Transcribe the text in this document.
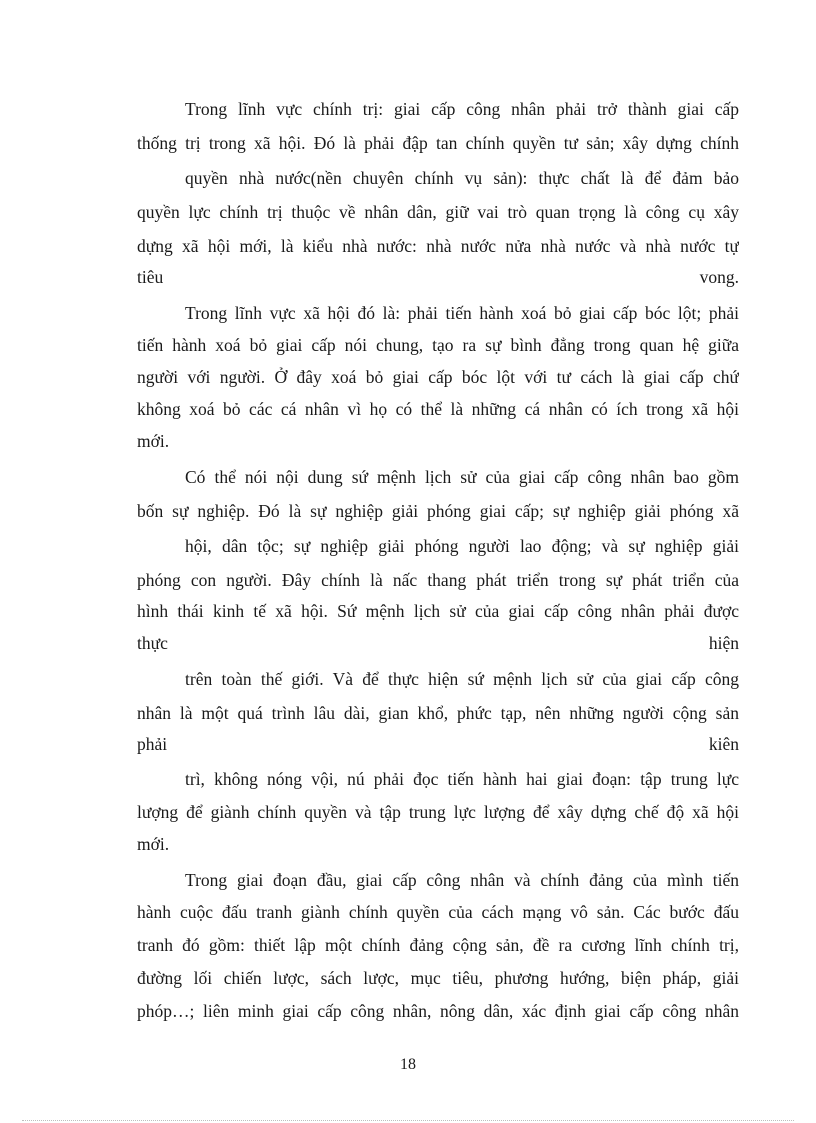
Trong lĩnh vực chính trị: giai cấp công nhân phải trở thành giai cấp
thống trị trong xã hội. Đó là phải đập tan chính quyền tư sản; xây dựng chính
quyền nhà nước(nền chuyên chính vụ sản): thực chất là để đảm bảo
quyền lực chính trị thuộc về nhân dân, giữ vai trò quan trọng là công cụ xây
dựng xã hội mới, là kiểu nhà nước: nhà nước nửa nhà nước và nhà nước tự
tiêu vong.
Trong lĩnh vực xã hội đó là: phải tiến hành xoá bỏ giai cấp bóc lột; phải
tiến hành xoá bỏ giai cấp nói chung, tạo ra sự bình đẳng trong quan hệ giữa
người với người. Ở đây xoá bỏ giai cấp bóc lột với tư cách là giai cấp chứ
không xoá bỏ các cá nhân vì họ có thể là những cá nhân có ích trong xã hội
mới.
Có thể nói nội dung sứ mệnh lịch sử của giai cấp công nhân bao gồm
bốn sự nghiệp. Đó là sự nghiệp giải phóng giai cấp; sự nghiệp giải phóng xã
hội, dân tộc; sự nghiệp giải phóng người lao động; và sự nghiệp giải
phóng con người. Đây chính là nấc thang phát triển trong sự phát triển của
hình thái kinh tế xã hội. Sứ mệnh lịch sử của giai cấp công nhân phải được
thực hiện
trên toàn thế giới. Và để thực hiện sứ mệnh lịch sử của giai cấp công
nhân là một quá trình lâu dài, gian khổ, phức tạp, nên những người cộng sản
phải kiên
trì, không nóng vội, nú phải đọc tiến hành hai giai đoạn: tập trung lực
lượng để giành chính quyền và tập trung lực lượng để xây dựng chế độ xã hội
mới.
Trong giai đoạn đầu, giai cấp công nhân và chính đảng của mình tiến
hành cuộc đấu tranh giành chính quyền của cách mạng vô sản. Các bước đấu
tranh đó gồm: thiết lập một chính đảng cộng sản, đề ra cương lĩnh chính trị,
đường lối chiến lược, sách lược, mục tiêu, phương hướng, biện pháp, giải
phóp…; liên minh giai cấp công nhân, nông dân, xác định giai cấp công nhân
18
